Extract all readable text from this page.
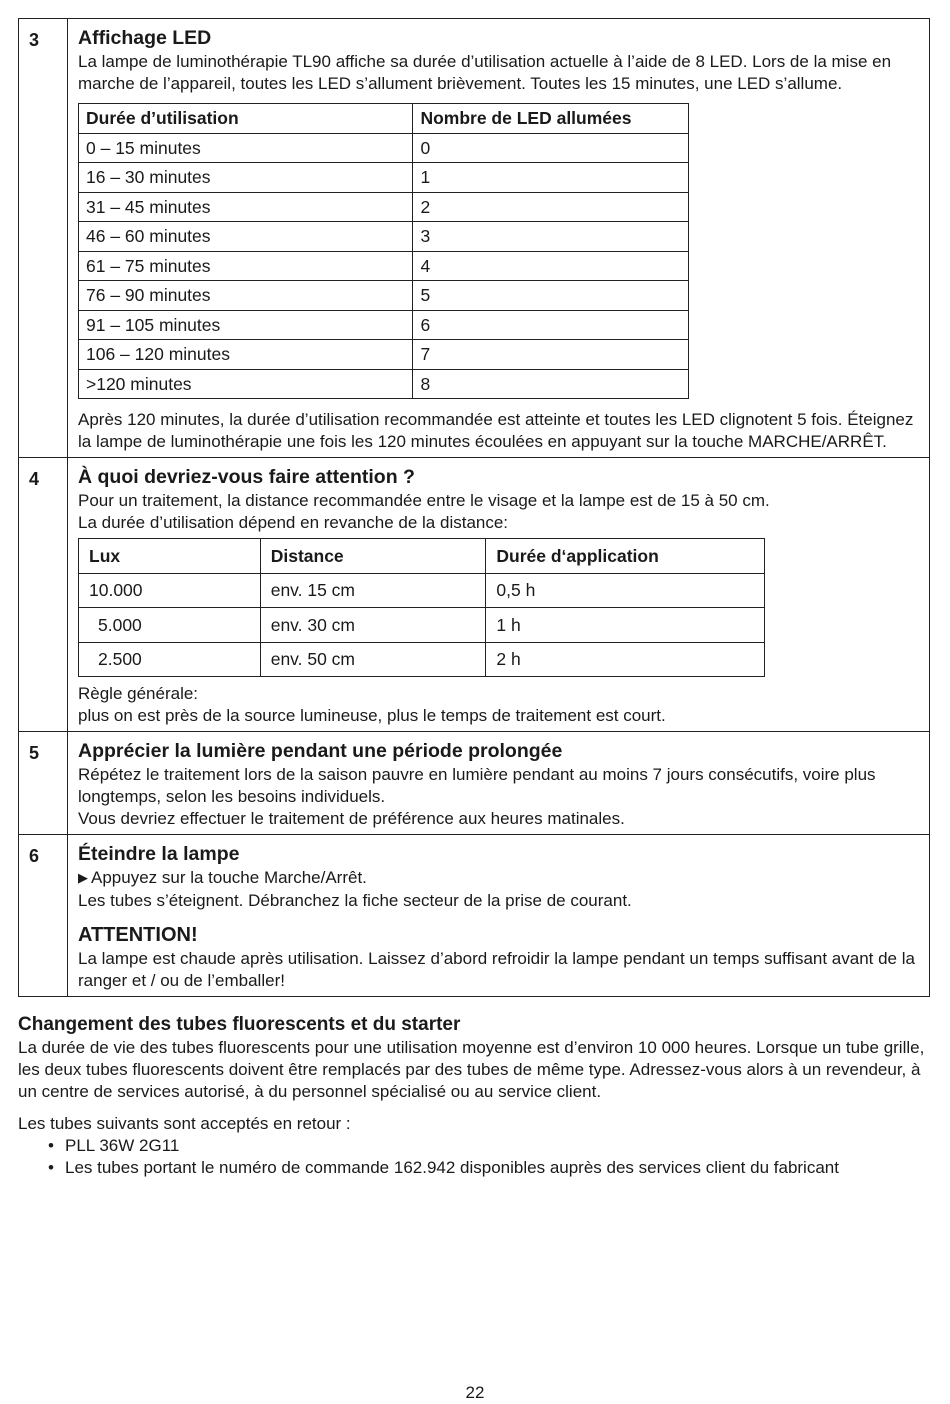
3	Affichage LED

La lampe de luminothérapie TL90 affiche sa durée d’utilisation actuelle à l’aide de 8 LED. Lors de la mise en marche de l’appareil, toutes les LED s’allument brièvement. Toutes les 15 minutes, une LED s’allume.

Durée d’utilisation	Nombre de LED allumées
0 – 15 minutes	0
16 – 30 minutes	1
31 – 45 minutes	2
46 – 60 minutes	3
61 – 75 minutes	4
76 – 90 minutes	5
91 – 105 minutes	6
106 – 120 minutes	7
>120 minutes	8

Après 120 minutes, la durée d’utilisation recommandée est atteinte et toutes les LED clignotent 5 fois. Éteignez la lampe de luminothérapie une fois les 120 minutes écoulées en appuyant sur la touche MARCHE/ARRÊT.

4	À quoi devriez-vous faire attention ?

Pour un traitement, la distance recommandée entre le visage et la lampe est de 15 à 50 cm.

La durée d’utilisation dépend en revanche de la distance:

Lux	Distance	Durée d‘application
10.000	env. 15 cm	0,5 h
5.000	env. 30 cm	1 h
2.500	env. 50 cm	2 h

Règle générale:

plus on est près de la source lumineuse, plus le temps de traitement est court.

5	Apprécier la lumière pendant une période prolongée

Répétez le traitement lors de la saison pauvre en lumière pendant au moins 7 jours consécutifs, voire plus longtemps, selon les besoins individuels.

Vous devriez effectuer le traitement de préférence aux heures matinales.

6	Éteindre la lampe

▶ Appuyez sur la touche Marche/Arrêt.

Les tubes s’éteignent. Débranchez la fiche secteur de la prise de courant.

ATTENTION!

La lampe est chaude après utilisation. Laissez d’abord refroidir la lampe pendant un temps suffisant avant de la ranger et / ou de l’emballer!

Changement des tubes fluorescents et du starter

La durée de vie des tubes fluorescents pour une utilisation moyenne est d’environ 10 000 heures. Lorsque un tube grille, les deux tubes fluorescents doivent être remplacés par des tubes de même type. Adressez-vous alors à un revendeur, à un centre de services autorisé, à du personnel spécialisé ou au service client.

Les tubes suivants sont acceptés en retour :

• PLL 36W 2G11
• Les tubes portant le numéro de commande 162.942 disponibles auprès des services client du fabricant
22
